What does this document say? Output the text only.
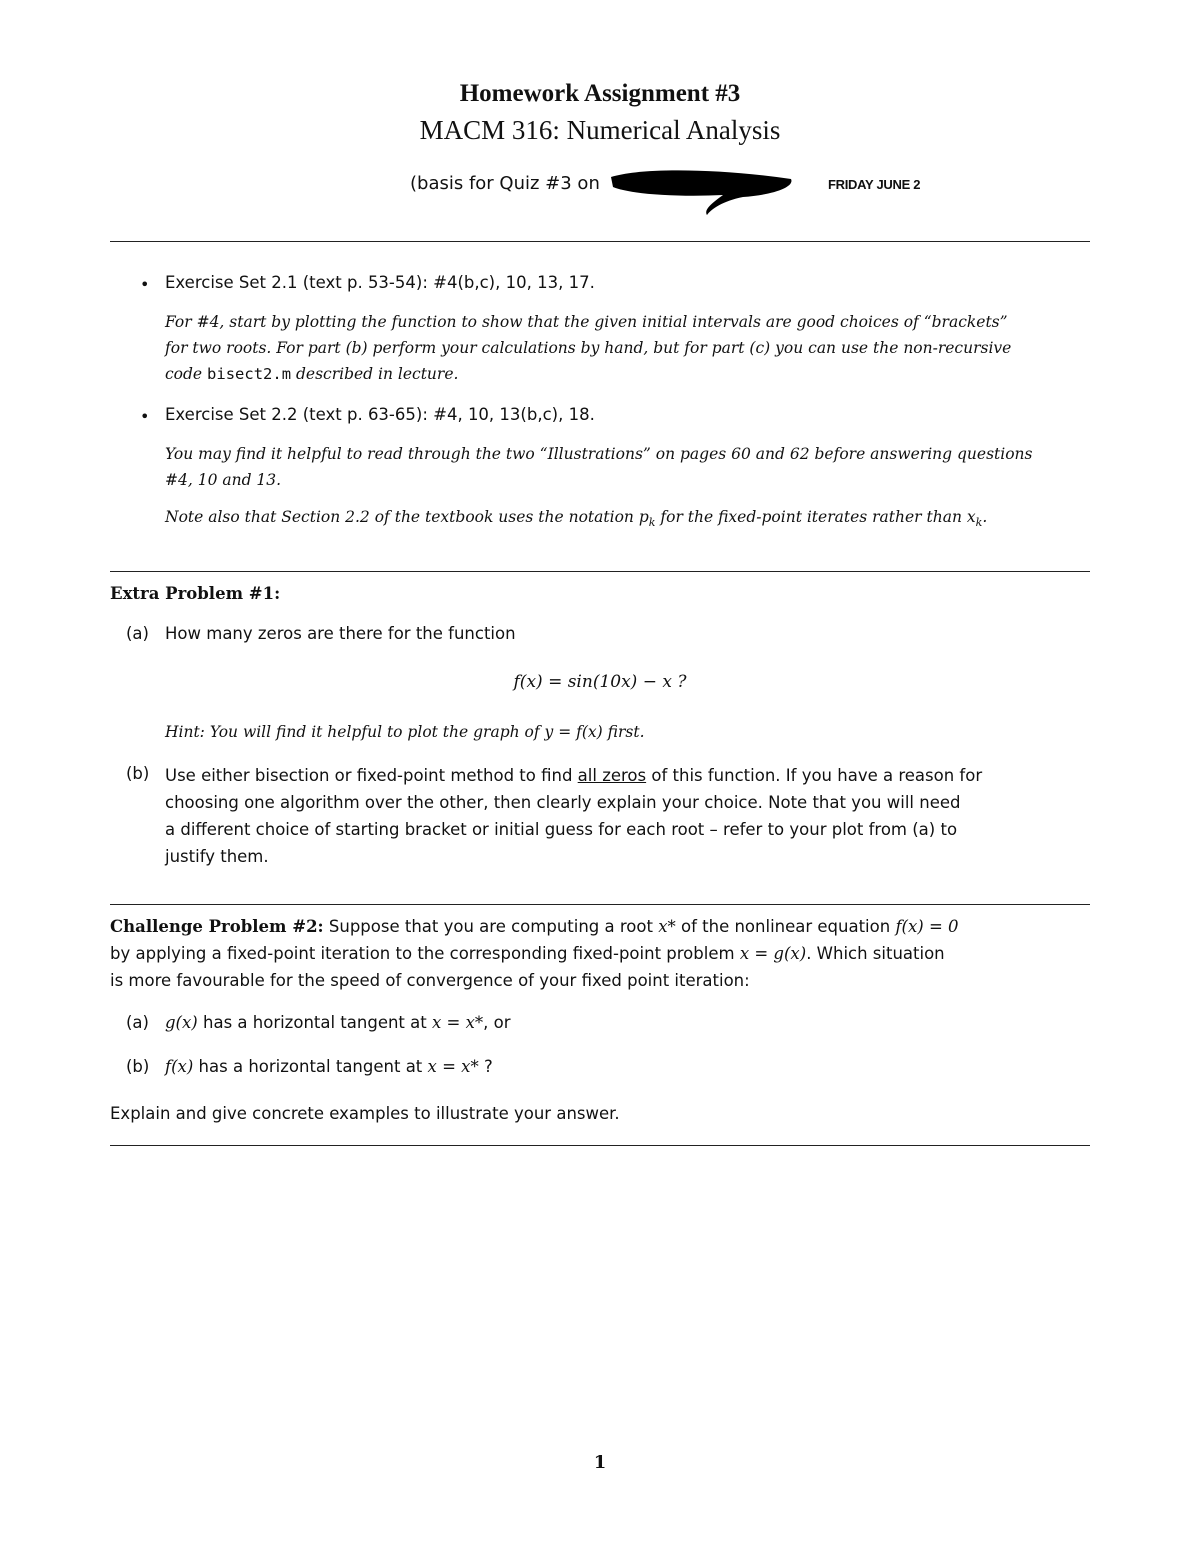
Homework Assignment #3
MACM 316: Numerical Analysis
(basis for Quiz #3 on	FRIDAY JUNE 2
• Exercise Set 2.1 (text p. 53-54): #4(b,c), 10, 13, 17.
For #4, start by plotting the function to show that the given initial intervals are good choices of “brackets”
for two roots. For part (b) perform your calculations by hand, but for part (c) you can use the non-recursive
code bisect2.m described in lecture.
• Exercise Set 2.2 (text p. 63-65): #4, 10, 13(b,c), 18.
You may find it helpful to read through the two “Illustrations” on pages 60 and 62 before answering questions
#4, 10 and 13.
Note also that Section 2.2 of the textbook uses the notation $p_k$ for the fixed-point iterates rather than $x_k$.
Extra Problem #1:
(a) How many zeros are there for the function
f(x) = sin(10x) − x ?
Hint: You will find it helpful to plot the graph of y = f(x) first.
(b) Use either bisection or fixed-point method to find all zeros of this function. If you have a reason for
choosing one algorithm over the other, then clearly explain your choice. Note that you will need
a different choice of starting bracket or initial guess for each root – refer to your plot from (a) to
justify them.
Challenge Problem #2: Suppose that you are computing a root x* of the nonlinear equation f(x) = 0
by applying a fixed-point iteration to the corresponding fixed-point problem x = g(x). Which situation
is more favourable for the speed of convergence of your fixed point iteration:
(a) g(x) has a horizontal tangent at x = x*, or
(b) f(x) has a horizontal tangent at x = x* ?
Explain and give concrete examples to illustrate your answer.
1
